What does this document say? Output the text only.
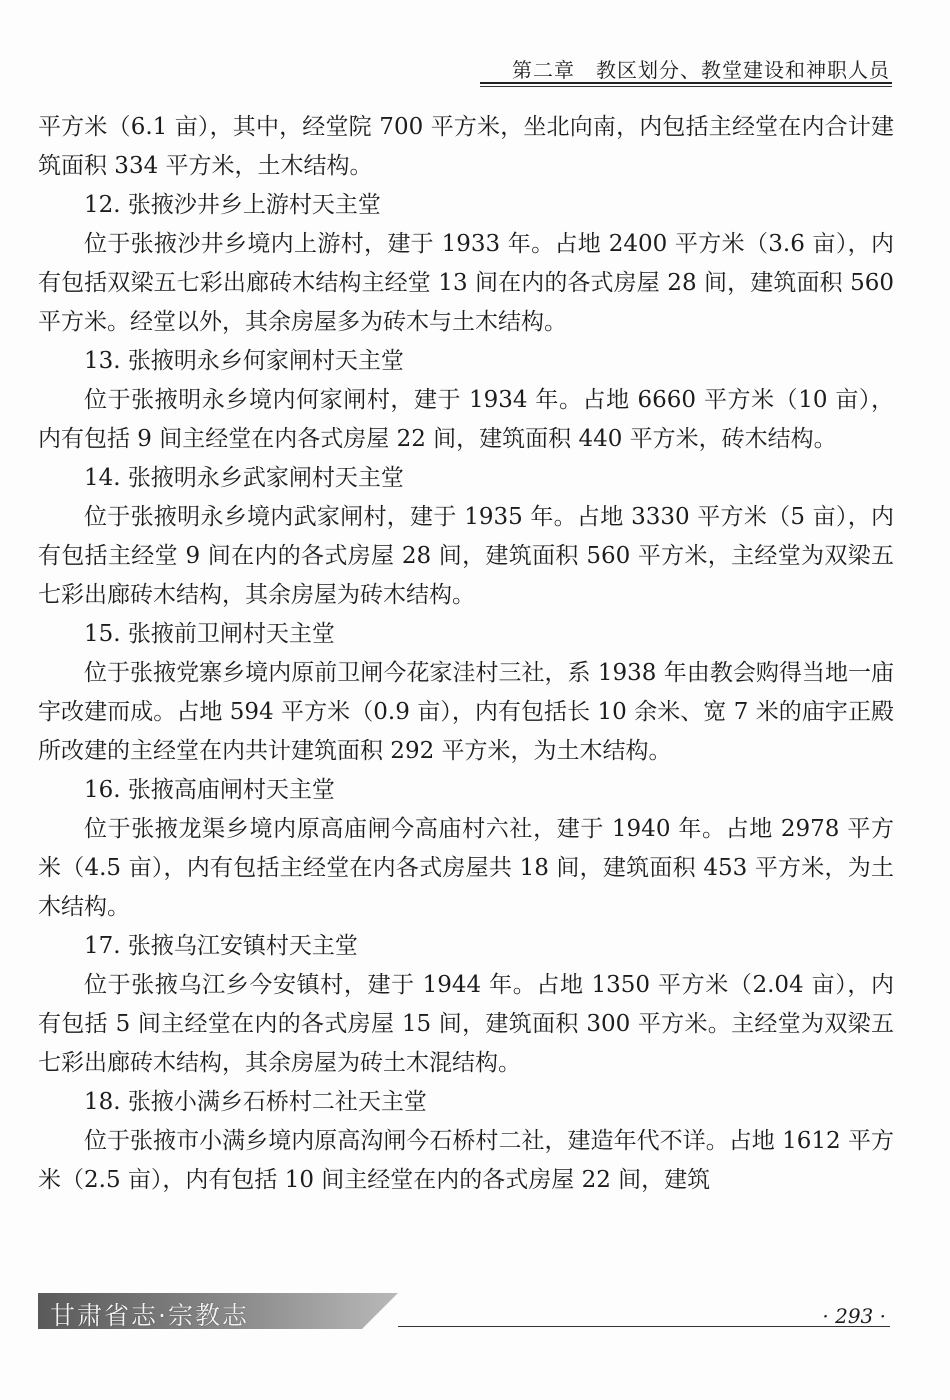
第二章　教区划分、教堂建设和神职人员

平方米（6.1 亩），其中，经堂院 700 平方米，坐北向南，内包括主经堂在内合计建筑面积 334 平方米，土木结构。

12. 张掖沙井乡上游村天主堂

位于张掖沙井乡境内上游村，建于 1933 年。占地 2400 平方米（3.6 亩），内有包括双梁五七彩出廊砖木结构主经堂 13 间在内的各式房屋 28 间，建筑面积 560 平方米。经堂以外，其余房屋多为砖木与土木结构。

13. 张掖明永乡何家闸村天主堂

位于张掖明永乡境内何家闸村，建于 1934 年。占地 6660 平方米（10 亩），内有包括 9 间主经堂在内各式房屋 22 间，建筑面积 440 平方米，砖木结构。

14. 张掖明永乡武家闸村天主堂

位于张掖明永乡境内武家闸村，建于 1935 年。占地 3330 平方米（5 亩），内有包括主经堂 9 间在内的各式房屋 28 间，建筑面积 560 平方米，主经堂为双梁五七彩出廊砖木结构，其余房屋为砖木结构。

15. 张掖前卫闸村天主堂

位于张掖党寨乡境内原前卫闸今花家洼村三社，系 1938 年由教会购得当地一庙宇改建而成。占地 594 平方米（0.9 亩），内有包括长 10 余米、宽 7 米的庙宇正殿所改建的主经堂在内共计建筑面积 292 平方米，为土木结构。

16. 张掖高庙闸村天主堂

位于张掖龙渠乡境内原高庙闸今高庙村六社，建于 1940 年。占地 2978 平方米（4.5 亩），内有包括主经堂在内各式房屋共 18 间，建筑面积 453 平方米，为土木结构。

17. 张掖乌江安镇村天主堂

位于张掖乌江乡今安镇村，建于 1944 年。占地 1350 平方米（2.04 亩），内有包括 5 间主经堂在内的各式房屋 15 间，建筑面积 300 平方米。主经堂为双梁五七彩出廊砖木结构，其余房屋为砖土木混结构。

18. 张掖小满乡石桥村二社天主堂

位于张掖市小满乡境内原高沟闸今石桥村二社，建造年代不详。占地 1612 平方米（2.5 亩），内有包括 10 间主经堂在内的各式房屋 22 间，建筑

甘肃省志·宗教志	· 293 ·
